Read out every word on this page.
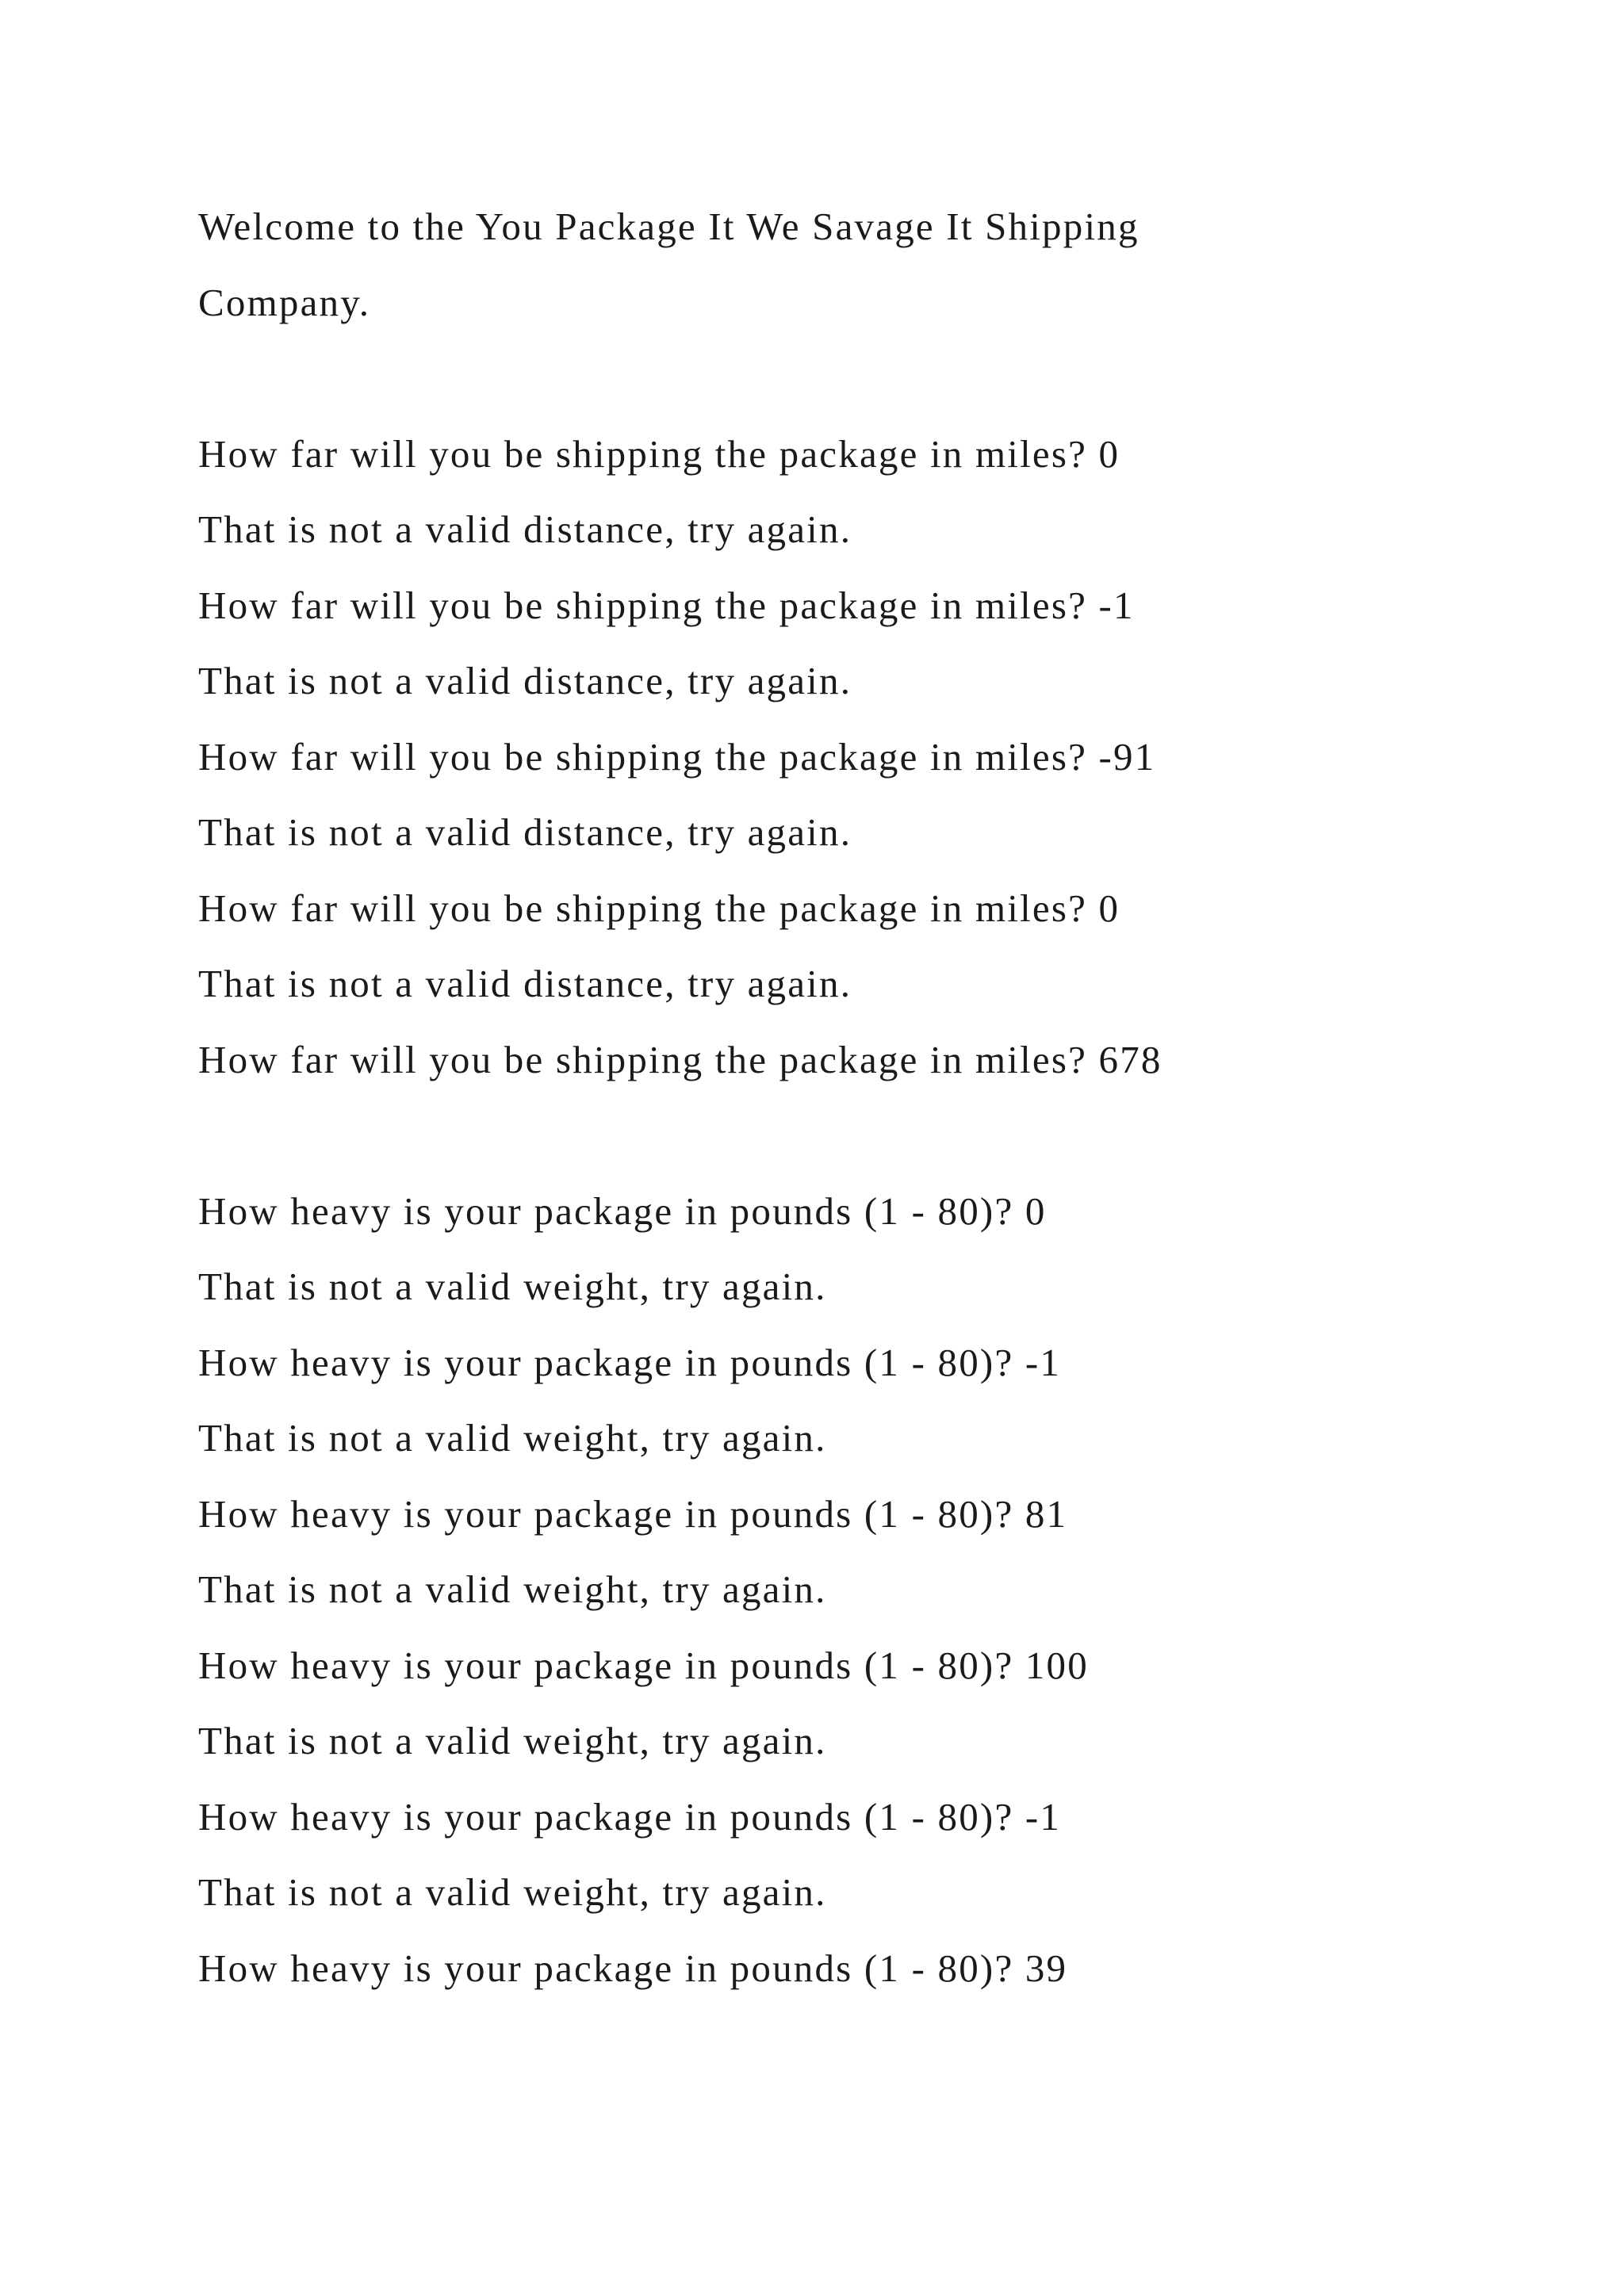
Welcome to the You Package It We Savage It Shipping
Company.
How far will you be shipping the package in miles? 0
That is not a valid distance, try again.
How far will you be shipping the package in miles? -1
That is not a valid distance, try again.
How far will you be shipping the package in miles? -91
That is not a valid distance, try again.
How far will you be shipping the package in miles? 0
That is not a valid distance, try again.
How far will you be shipping the package in miles? 678
How heavy is your package in pounds (1 - 80)? 0
That is not a valid weight, try again.
How heavy is your package in pounds (1 - 80)? -1
That is not a valid weight, try again.
How heavy is your package in pounds (1 - 80)? 81
That is not a valid weight, try again.
How heavy is your package in pounds (1 - 80)? 100
That is not a valid weight, try again.
How heavy is your package in pounds (1 - 80)? -1
That is not a valid weight, try again.
How heavy is your package in pounds (1 - 80)? 39
